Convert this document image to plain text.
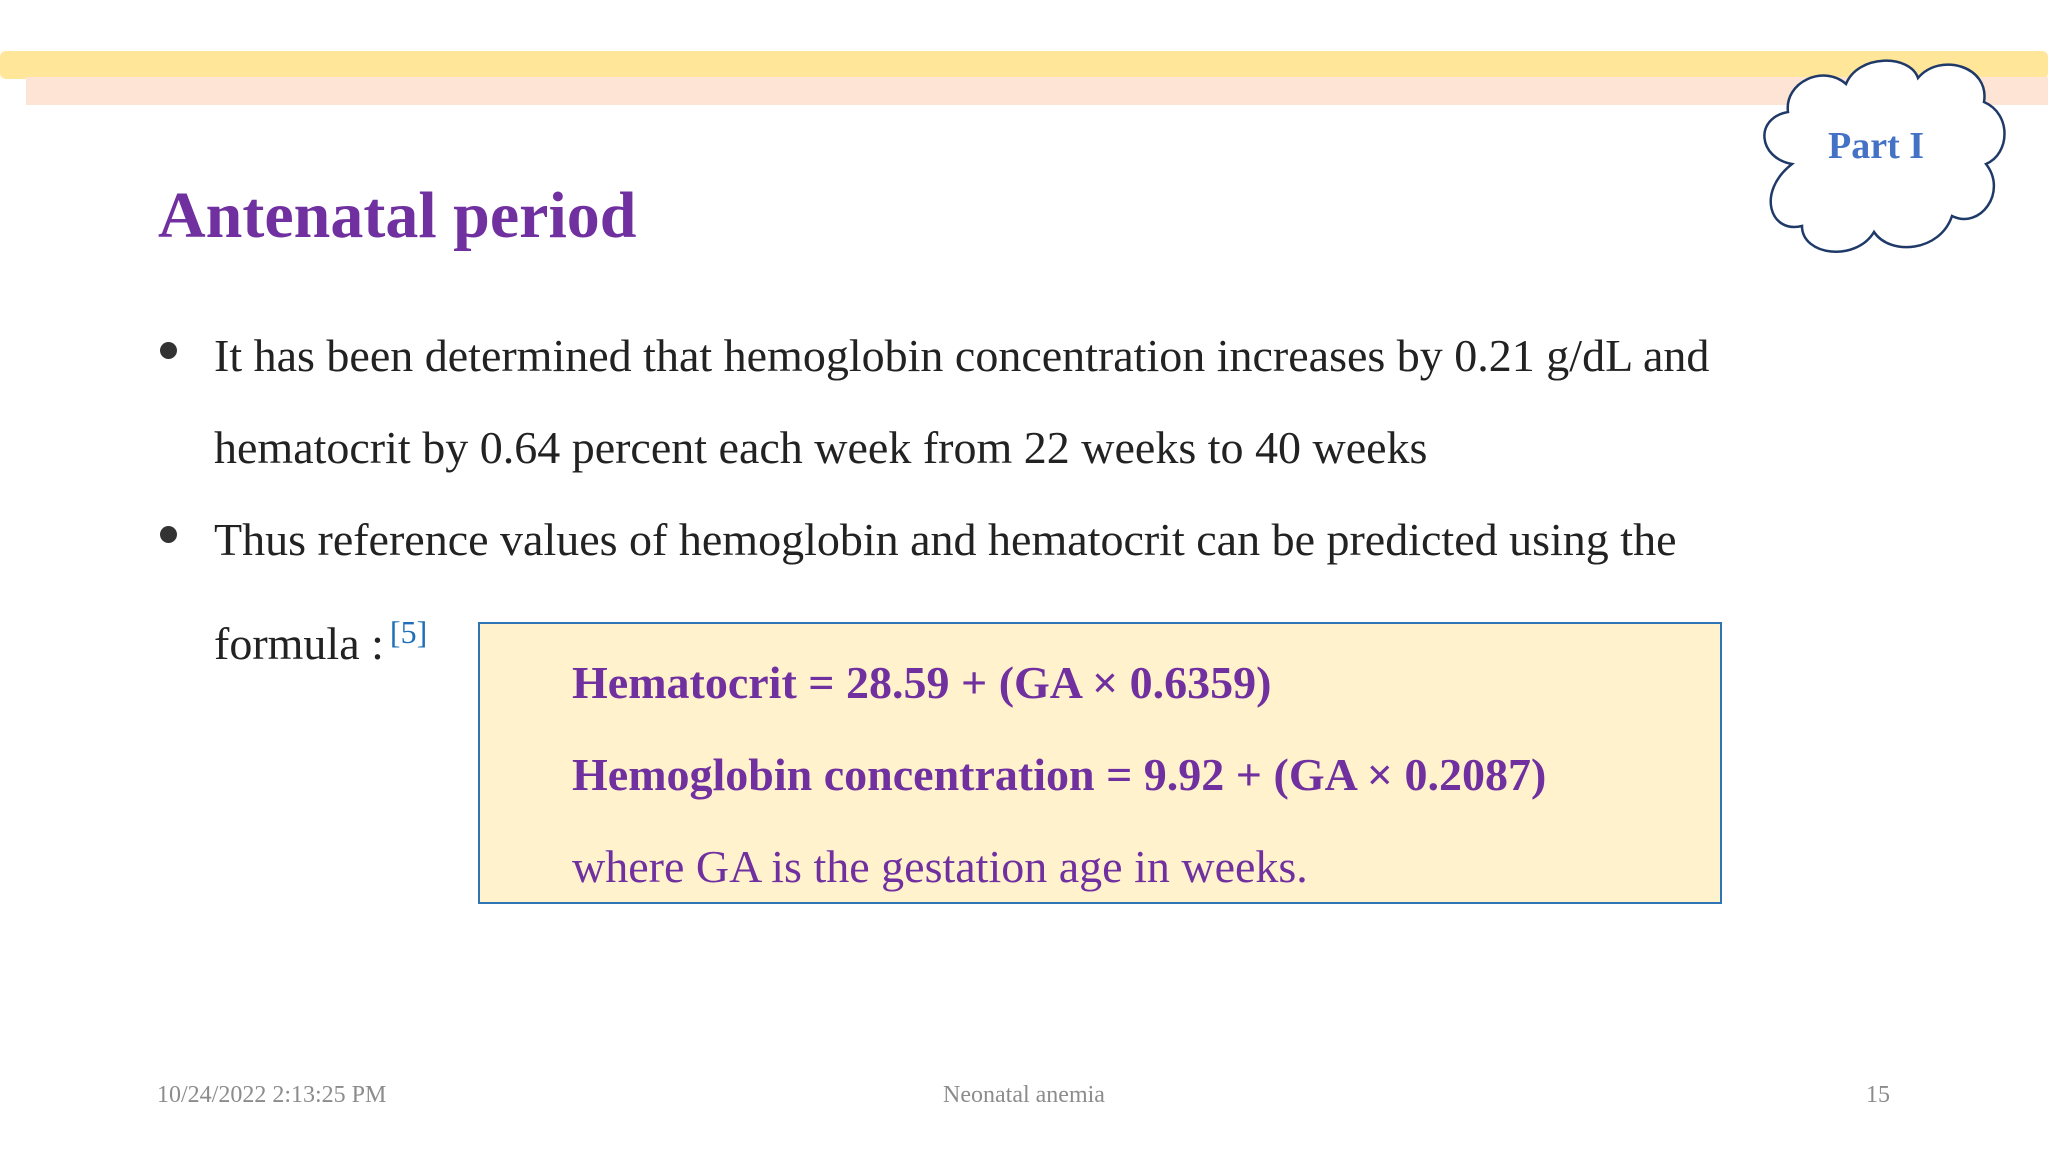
Part I
Antenatal period
It has been determined that hemoglobin concentration increases by 0.21 g/dL and
hematocrit by 0.64 percent each week from 22 weeks to 40 weeks
Thus reference values of hemoglobin and hematocrit can be predicted using the
formula : [5]
Hematocrit = 28.59 + (GA × 0.6359)
Hemoglobin concentration = 9.92 + (GA × 0.2087)
where GA is the gestation age in weeks.
10/24/2022 2:13:25 PM	Neonatal anemia	15
